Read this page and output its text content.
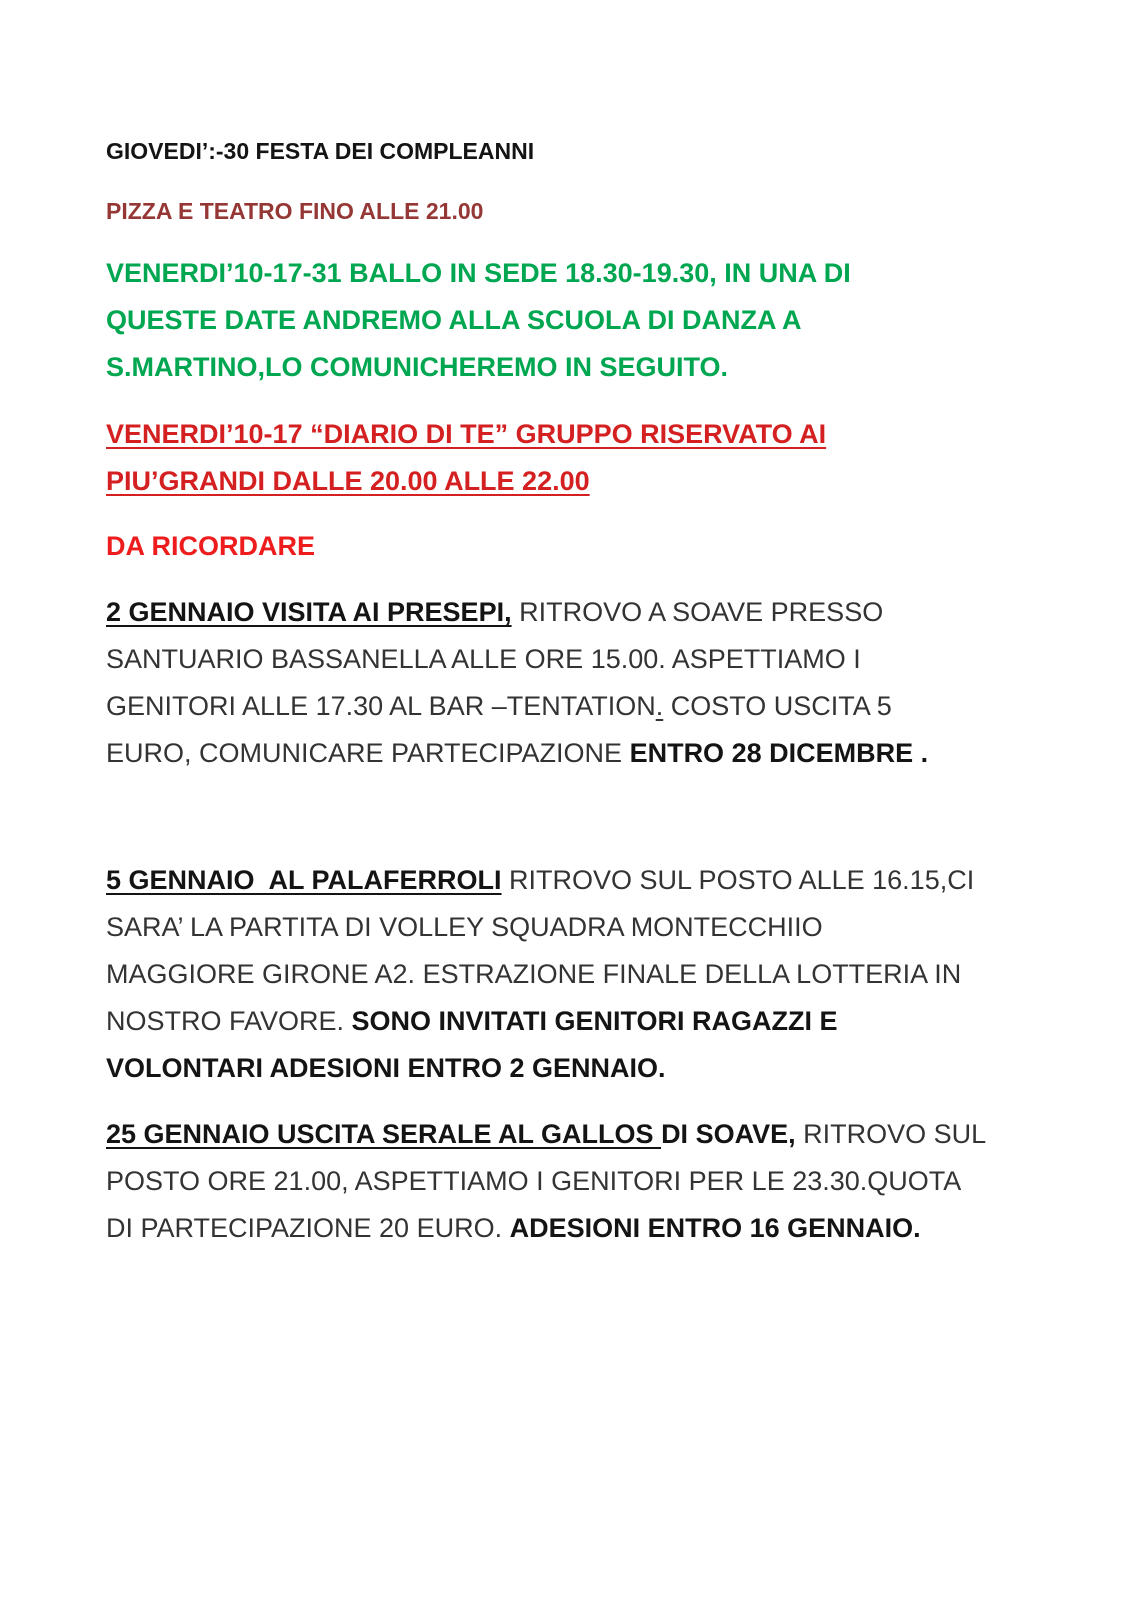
GIOVEDI’:-30 FESTA DEI COMPLEANNI

PIZZA E TEATRO FINO ALLE 21.00

VENERDI’10-17-31 BALLO IN SEDE 18.30-19.30, IN UNA DI
QUESTE DATE ANDREMO ALLA SCUOLA DI DANZA A
S.MARTINO,LO COMUNICHEREMO IN SEGUITO.
VENERDI’10-17 “DIARIO DI TE” GRUPPO RISERVATO AI
PIU’GRANDI DALLE 20.00 ALLE 22.00

DA RICORDARE

2 GENNAIO VISITA AI PRESEPI, RITROVO A SOAVE PRESSO
SANTUARIO BASSANELLA ALLE ORE 15.00. ASPETTIAMO I
GENITORI ALLE 17.30 AL BAR –TENTATION. COSTO USCITA 5
EURO, COMUNICARE PARTECIPAZIONE ENTRO 28 DICEMBRE .
5 GENNAIO  AL PALAFERROLI RITROVO SUL POSTO ALLE 16.15,CI
SARA’ LA PARTITA DI VOLLEY SQUADRA MONTECCHIIO
MAGGIORE GIRONE A2. ESTRAZIONE FINALE DELLA LOTTERIA IN
NOSTRO FAVORE. SONO INVITATI GENITORI RAGAZZI E
VOLONTARI ADESIONI ENTRO 2 GENNAIO.
25 GENNAIO USCITA SERALE AL GALLOS DI SOAVE, RITROVO SUL
POSTO ORE 21.00, ASPETTIAMO I GENITORI PER LE 23.30.QUOTA
DI PARTECIPAZIONE 20 EURO. ADESIONI ENTRO 16 GENNAIO.
